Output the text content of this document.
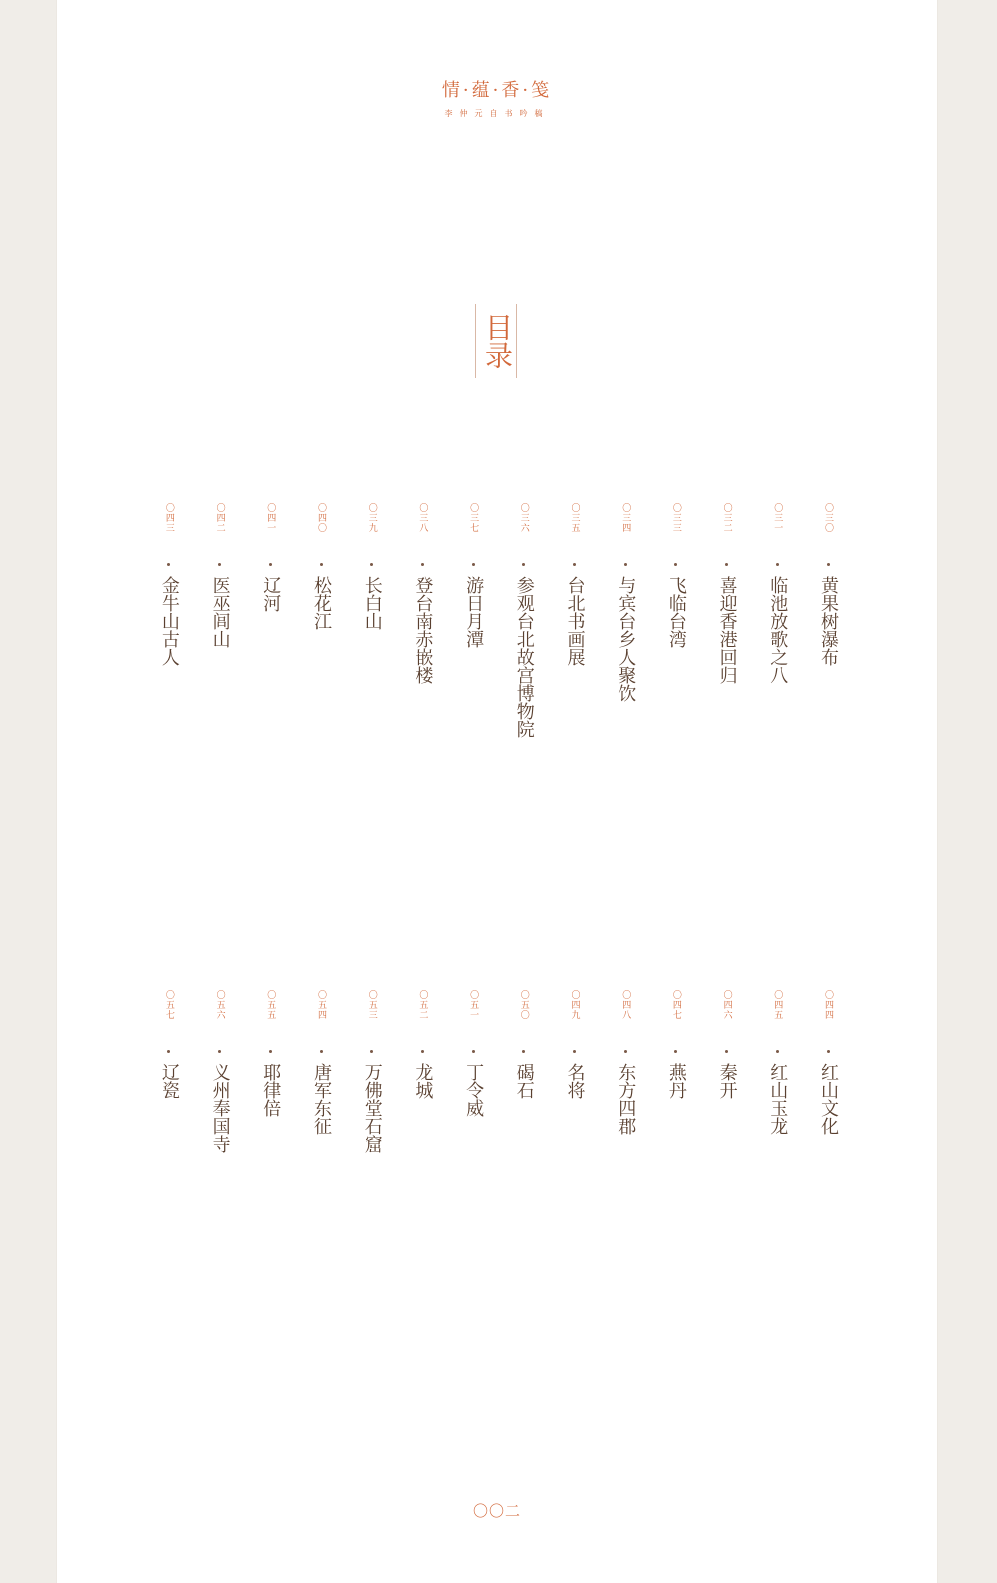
情·蕴·香·笺
李仲元自书吟稿
目录
〇三〇
黄果树瀑布
〇三一
临池放歌之八
〇三二
喜迎香港回归
〇三三
飞临台湾
〇三四
与宾台乡人聚饮
〇三五
台北书画展
〇三六
参观台北故宫博物院
〇三七
游日月潭
〇三八
登台南赤嵌楼
〇三九
长白山
〇四〇
松花江
〇四一
辽河
〇四二
医巫闾山
〇四三
金牛山古人
〇四四
红山文化
〇四五
红山玉龙
〇四六
秦开
〇四七
燕丹
〇四八
东方四郡
〇四九
名将
〇五〇
碣石
〇五一
丁令威
〇五二
龙城
〇五三
万佛堂石窟
〇五四
唐军东征
〇五五
耶律倍
〇五六
义州奉国寺
〇五七
辽瓷
〇〇二
